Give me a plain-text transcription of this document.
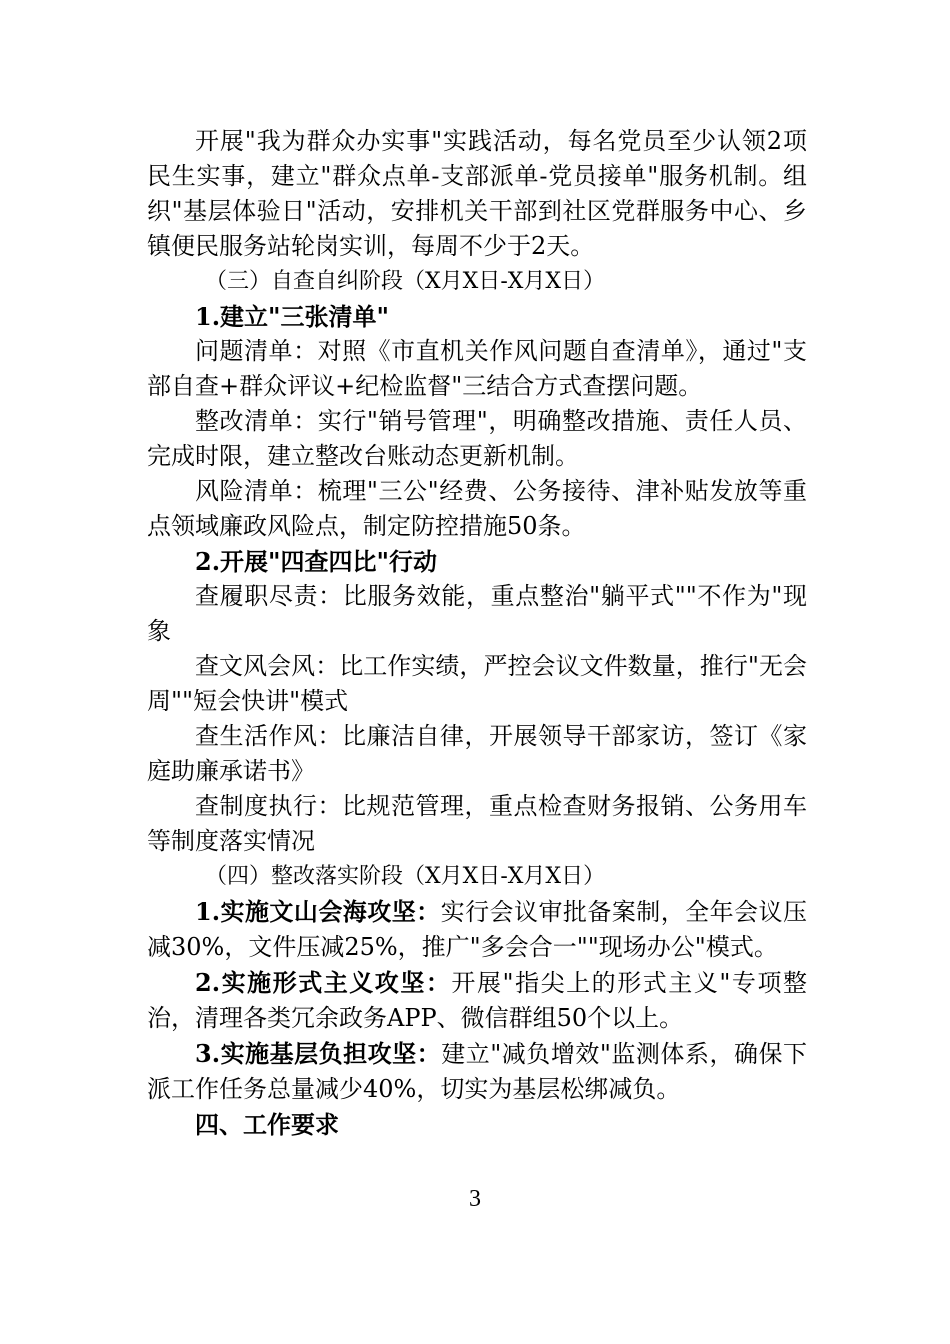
开展"我为群众办实事"实践活动，每名党员至少认领2项民生实事，建立"群众点单-支部派单-党员接单"服务机制。组织"基层体验日"活动，安排机关干部到社区党群服务中心、乡镇便民服务站轮岗实训，每周不少于2天。

（三）自查自纠阶段（X月X日-X月X日）

1.建立"三张清单"

问题清单：对照《市直机关作风问题自查清单》，通过"支部自查+群众评议+纪检监督"三结合方式查摆问题。

整改清单：实行"销号管理"，明确整改措施、责任人员、完成时限，建立整改台账动态更新机制。

风险清单：梳理"三公"经费、公务接待、津补贴发放等重点领域廉政风险点，制定防控措施50条。

2.开展"四查四比"行动

查履职尽责：比服务效能，重点整治"躺平式""不作为"现象

查文风会风：比工作实绩，严控会议文件数量，推行"无会周""短会快讲"模式

查生活作风：比廉洁自律，开展领导干部家访，签订《家庭助廉承诺书》

查制度执行：比规范管理，重点检查财务报销、公务用车等制度落实情况

（四）整改落实阶段（X月X日-X月X日）

1.实施文山会海攻坚：实行会议审批备案制，全年会议压减30%，文件压减25%，推广"多会合一""现场办公"模式。

2.实施形式主义攻坚：开展"指尖上的形式主义"专项整治，清理各类冗余政务APP、微信群组50个以上。

3.实施基层负担攻坚：建立"减负增效"监测体系，确保下派工作任务总量减少40%，切实为基层松绑减负。

四、工作要求

3
